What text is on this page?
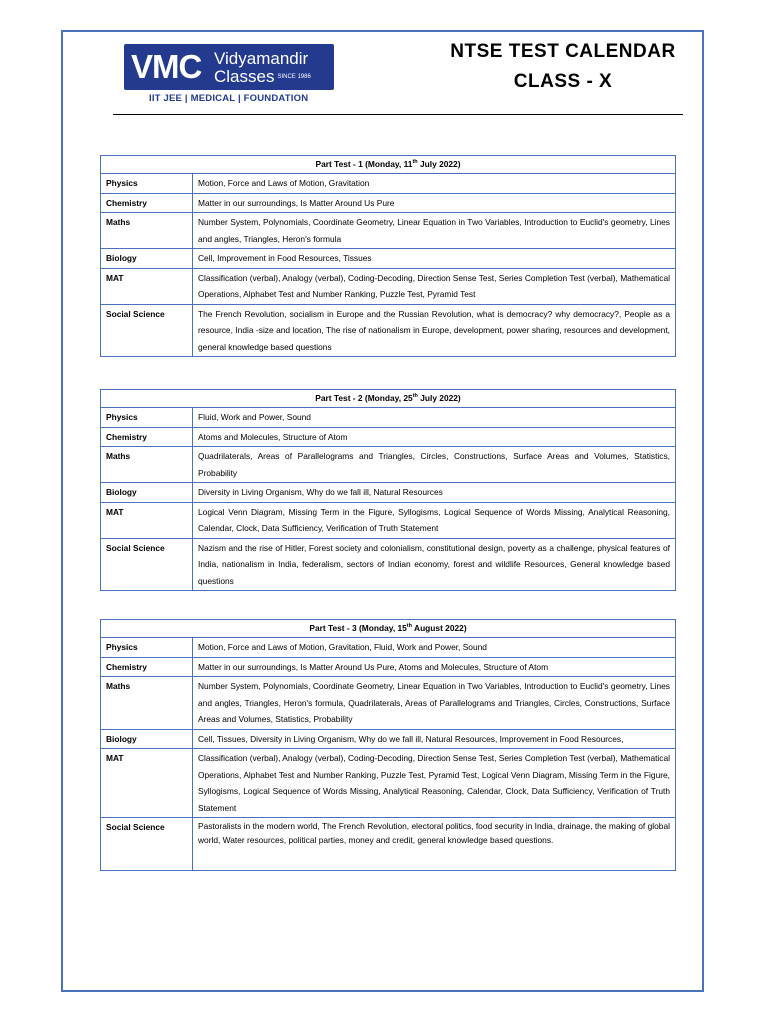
VMC Vidyamandir
Classes SINCE 1986
IIT JEE | MEDICAL | FOUNDATION
NTSE TEST CALENDAR
CLASS - X
Part Test - 1 (Monday, 11th July 2022)	
Physics	Motion, Force and Laws of Motion, Gravitation
Chemistry	Matter in our surroundings, Is Matter Around Us Pure
Maths	Number System, Polynomials, Coordinate Geometry, Linear Equation in Two Variables, Introduction to Euclid's geometry, Lines and angles, Triangles, Heron's formula
Biology	Cell, Improvement in Food Resources, Tissues
MAT	Classification (verbal), Analogy (verbal), Coding-Decoding, Direction Sense Test, Series Completion Test (verbal), Mathematical Operations, Alphabet Test and Number Ranking, Puzzle Test, Pyramid Test
Social Science	The French Revolution, socialism in Europe and the Russian Revolution, what is democracy? why democracy?, People as a resource, India -size and location, The rise of nationalism in Europe, development, power sharing, resources and development, general knowledge based questions
Part Test - 2 (Monday, 25th July 2022)	
Physics	Fluid, Work and Power, Sound
Chemistry	Atoms and Molecules, Structure of Atom
Maths	Quadrilaterals, Areas of Parallelograms and Triangles, Circles, Constructions, Surface Areas and Volumes, Statistics, Probability
Biology	Diversity in Living Organism, Why do we fall ill, Natural Resources
MAT	Logical Venn Diagram, Missing Term in the Figure, Syllogisms, Logical Sequence of Words Missing, Analytical Reasoning, Calendar, Clock, Data Sufficiency, Verification of Truth Statement
Social Science	Nazism and the rise of Hitler, Forest society and colonialism, constitutional design, poverty as a challenge, physical features of India, nationalism in India, federalism, sectors of Indian economy, forest and wildlife Resources, General knowledge based questions
Part Test - 3 (Monday, 15th August 2022)	
Physics	Motion, Force and Laws of Motion, Gravitation, Fluid, Work and Power, Sound
Chemistry	Matter in our surroundings, Is Matter Around Us Pure, Atoms and Molecules, Structure of Atom
Maths	Number System, Polynomials, Coordinate Geometry, Linear Equation in Two Variables, Introduction to Euclid's geometry, Lines and angles, Triangles, Heron's formula, Quadrilaterals, Areas of Parallelograms and Triangles, Circles, Constructions, Surface Areas and Volumes, Statistics, Probability
Biology	Cell, Tissues, Diversity in Living Organism, Why do we fall ill, Natural Resources, Improvement in Food Resources,
MAT	Classification (verbal), Analogy (verbal), Coding-Decoding, Direction Sense Test, Series Completion Test (verbal), Mathematical Operations, Alphabet Test and Number Ranking, Puzzle Test, Pyramid Test, Logical Venn Diagram, Missing Term in the Figure, Syllogisms, Logical Sequence of Words Missing, Analytical Reasoning, Calendar, Clock, Data Sufficiency, Verification of Truth Statement
Social Science	Pastoralists in the modern world, The French Revolution, electoral politics, food security in India, drainage, the making of global world, Water resources, political parties, money and credit, general knowledge based questions.
